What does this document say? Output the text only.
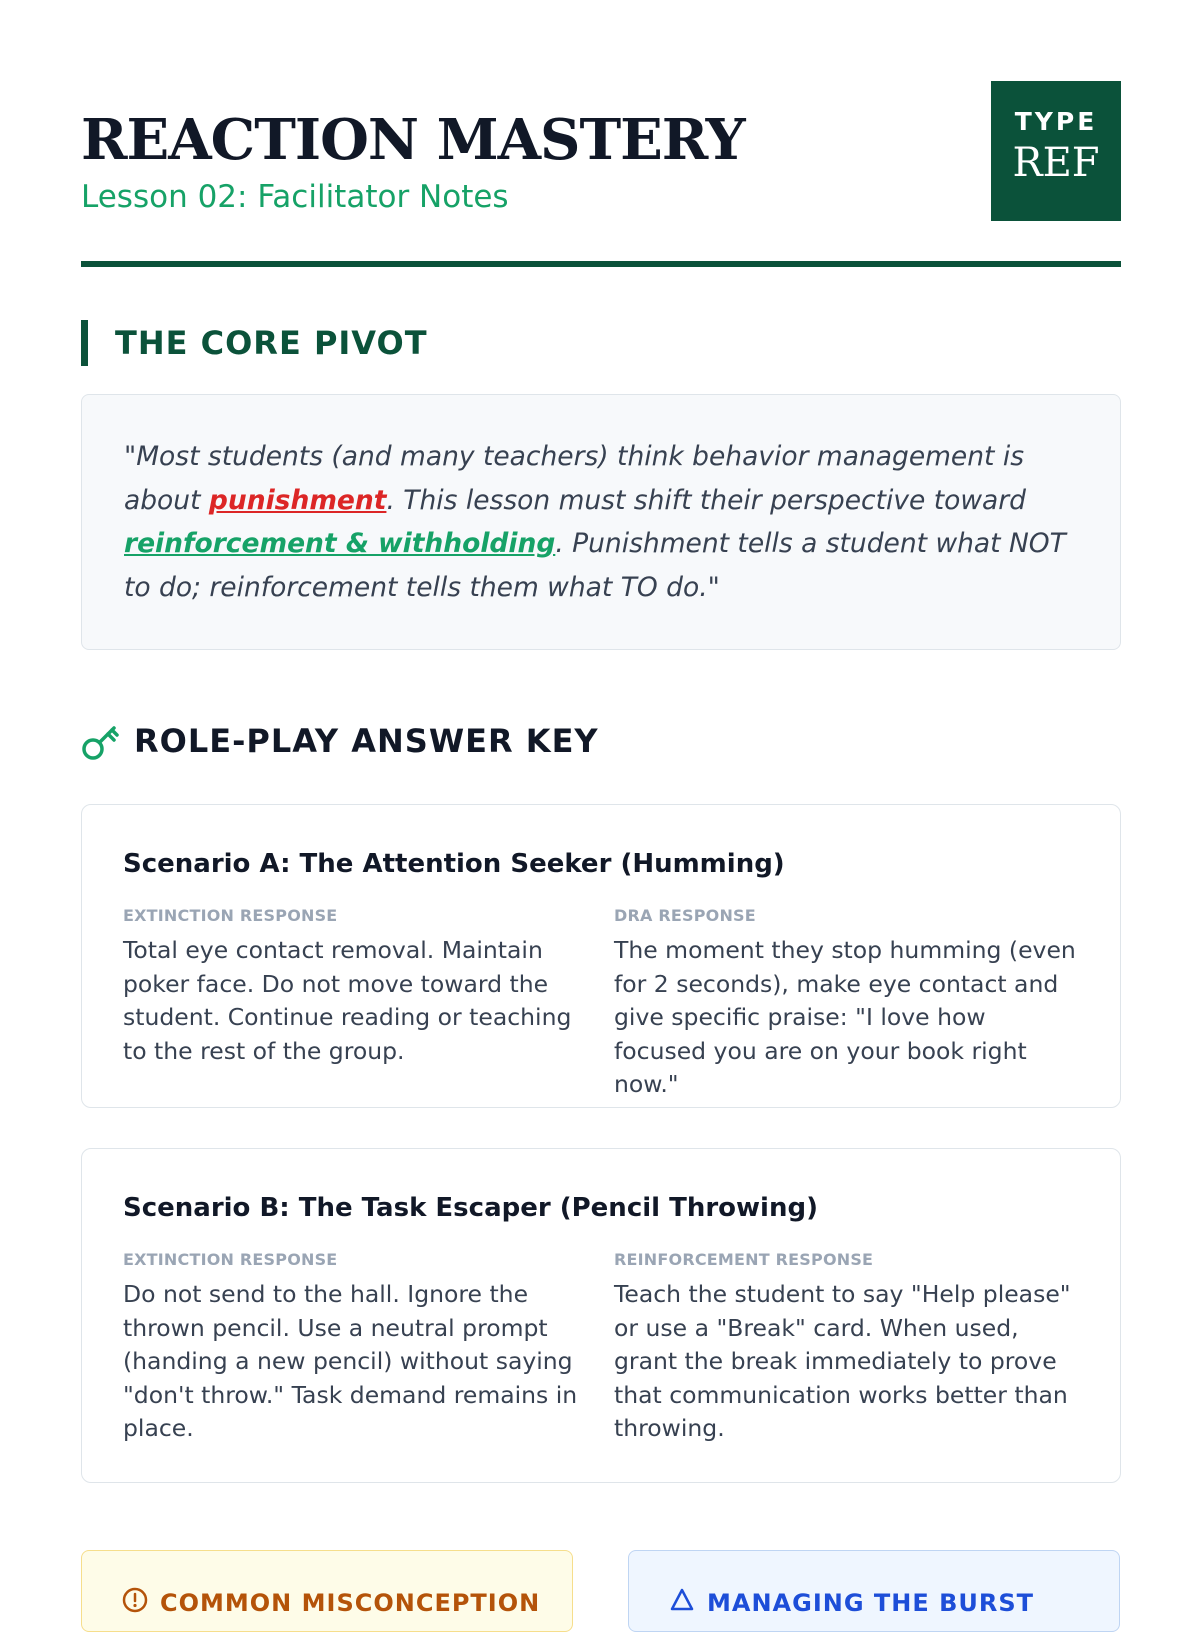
REACTION MASTERY
Lesson 02: Facilitator Notes
TYPE
REF
THE CORE PIVOT
"Most students (and many teachers) think behavior management is about punishment. This lesson must shift their perspective toward reinforcement & withholding. Punishment tells a student what NOT to do; reinforcement tells them what TO do."
ROLE-PLAY ANSWER KEY
Scenario A: The Attention Seeker (Humming)
EXTINCTION RESPONSE
Total eye contact removal. Maintain poker face. Do not move toward the student. Continue reading or teaching to the rest of the group.
DRA RESPONSE
The moment they stop humming (even for 2 seconds), make eye contact and give specific praise: "I love how focused you are on your book right now."
Scenario B: The Task Escaper (Pencil Throwing)
EXTINCTION RESPONSE
Do not send to the hall. Ignore the thrown pencil. Use a neutral prompt (handing a new pencil) without saying "don't throw." Task demand remains in place.
REINFORCEMENT RESPONSE
Teach the student to say "Help please" or use a "Break" card. When used, grant the break immediately to prove that communication works better than throwing.
COMMON MISCONCEPTION	MANAGING THE BURST
